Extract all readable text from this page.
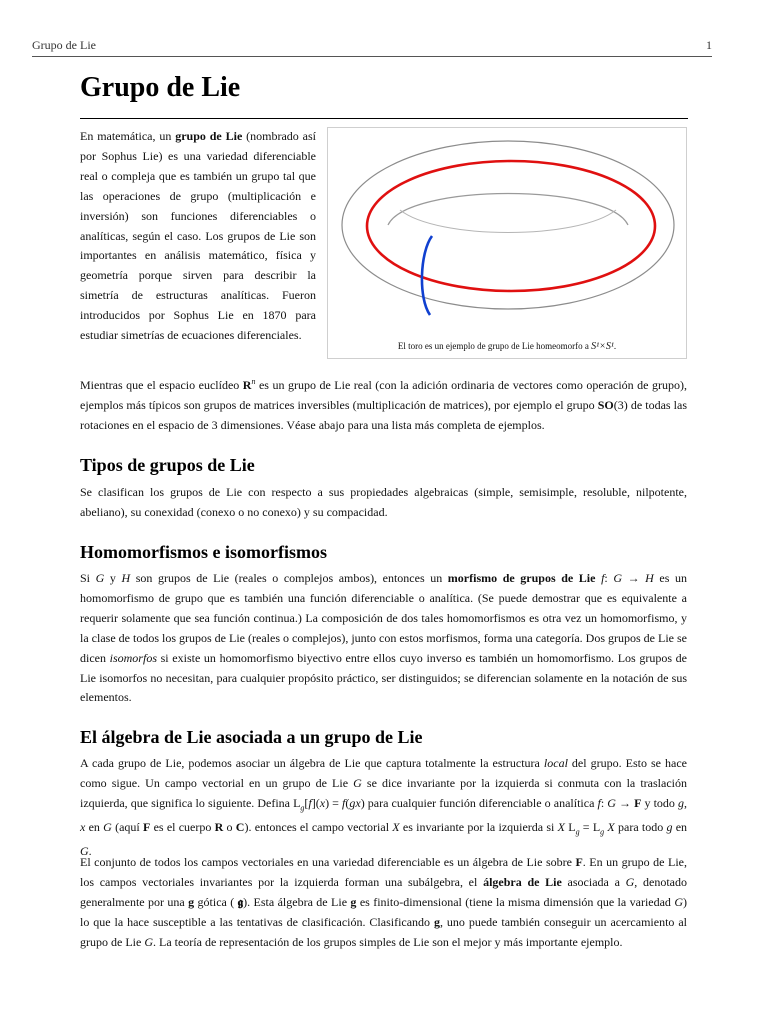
Grupo de Lie	1
Grupo de Lie
En matemática, un grupo de Lie (nombrado así por Sophus Lie) es una variedad diferenciable real o compleja que es también un grupo tal que las operaciones de grupo (multiplicación e inversión) son funciones diferenciables o analíticas, según el caso. Los grupos de Lie son importantes en análisis matemático, física y geometría porque sirven para describir la simetría de estructuras analíticas. Fueron introducidos por Sophus Lie en 1870 para estudiar simetrías de ecuaciones diferenciales.
El toro es un ejemplo de grupo de Lie homeomorfo a S¹×S¹.

Mientras que el espacio euclídeo $R^n$ es un grupo de Lie real (con la adición ordinaria de vectores como operación de grupo), ejemplos más típicos son grupos de matrices inversibles (multiplicación de matrices), por ejemplo el grupo SO(3) de todas las rotaciones en el espacio de 3 dimensiones. Véase abajo para una lista más completa de ejemplos.

Tipos de grupos de Lie

Se clasifican los grupos de Lie con respecto a sus propiedades algebraicas (simple, semisimple, resoluble, nilpotente, abeliano), su conexidad (conexo o no conexo) y su compacidad.

Homomorfismos e isomorfismos

Si G y H son grupos de Lie (reales o complejos ambos), entonces un morfismo de grupos de Lie f: G → H es un homomorfismo de grupo que es también una función diferenciable o analítica. (Se puede demostrar que es equivalente a requerir solamente que sea función continua.) La composición de dos tales homomorfismos es otra vez un homomorfismo, y la clase de todos los grupos de Lie (reales o complejos), junto con estos morfismos, forma una categoría. Dos grupos de Lie se dicen isomorfos si existe un homomorfismo biyectivo entre ellos cuyo inverso es también un homomorfismo. Los grupos de Lie isomorfos no necesitan, para cualquier propósito práctico, ser distinguidos; se diferencian solamente en la notación de sus elementos.

El álgebra de Lie asociada a un grupo de Lie

A cada grupo de Lie, podemos asociar un álgebra de Lie que captura totalmente la estructura local del grupo. Esto se hace como sigue. Un campo vectorial en un grupo de Lie G se dice invariante por la izquierda si conmuta con la traslación izquierda, que significa lo siguiente. Defina $L_g[f](x) = f(gx)$ para cualquier función diferenciable o analítica f: G → F y todo g, x en G (aquí F es el cuerpo R o C). entonces el campo vectorial X es invariante por la izquierda si X $L_g = L_g$ X para todo g en G.

El conjunto de todos los campos vectoriales en una variedad diferenciable es un álgebra de Lie sobre F. En un grupo de Lie, los campos vectoriales invariantes por la izquierda forman una subálgebra, el álgebra de Lie asociada a G, denotado generalmente por una g gótica ( 𝖌). Esta álgebra de Lie g es finito-dimensional (tiene la misma dimensión que la variedad G) lo que la hace susceptible a las tentativas de clasificación. Clasificando g, uno puede también conseguir un acercamiento al grupo de Lie G. La teoría de representación de los grupos simples de Lie son el mejor y más importante ejemplo.
